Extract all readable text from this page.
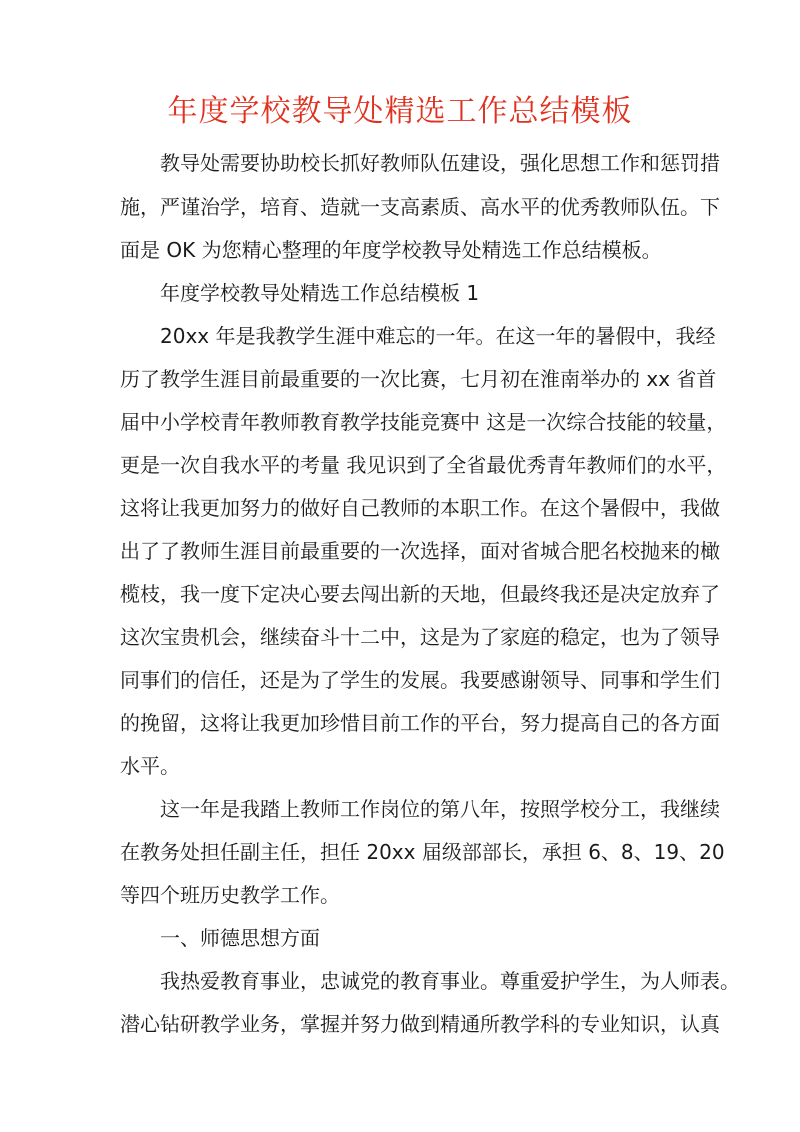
年度学校教导处精选工作总结模板
教导处需要协助校长抓好教师队伍建设，强化思想工作和惩罚措
施，严谨治学，培育、造就一支高素质、高水平的优秀教师队伍。下
面是 OK 为您精心整理的年度学校教导处精选工作总结模板。
年度学校教导处精选工作总结模板 1
20xx 年是我教学生涯中难忘的一年。在这一年的暑假中，我经
历了教学生涯目前最重要的一次比赛，七月初在淮南举办的 xx 省首
届中小学校青年教师教育教学技能竞赛中 这是一次综合技能的较量，
更是一次自我水平的考量 我见识到了全省最优秀青年教师们的水平，
这将让我更加努力的做好自己教师的本职工作。在这个暑假中，我做
出了了教师生涯目前最重要的一次选择，面对省城合肥名校抛来的橄
榄枝，我一度下定决心要去闯出新的天地，但最终我还是决定放弃了
这次宝贵机会，继续奋斗十二中，这是为了家庭的稳定，也为了领导
同事们的信任，还是为了学生的发展。我要感谢领导、同事和学生们
的挽留，这将让我更加珍惜目前工作的平台，努力提高自己的各方面
水平。
这一年是我踏上教师工作岗位的第八年，按照学校分工，我继续
在教务处担任副主任，担任 20xx 届级部部长，承担 6、8、19、20
等四个班历史教学工作。
一、师德思想方面
我热爱教育事业，忠诚党的教育事业。尊重爱护学生，为人师表。
潜心钻研教学业务，掌握并努力做到精通所教学科的专业知识，认真
